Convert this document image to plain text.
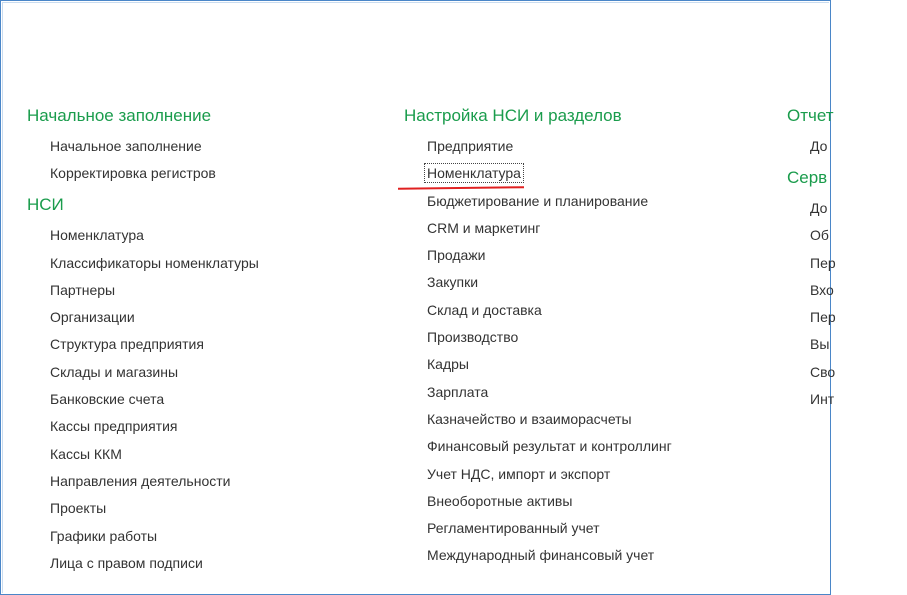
Начальное заполнение
Начальное заполнение
Корректировка регистров
НСИ
Номенклатура
Классификаторы номенклатуры
Партнеры
Организации
Структура предприятия
Склады и магазины
Банковские счета
Кассы предприятия
Кассы ККМ
Направления деятельности
Проекты
Графики работы
Лица с правом подписи
Настройка НСИ и разделов
Предприятие
Номенклатура
Бюджетирование и планирование
CRM и маркетинг
Продажи
Закупки
Склад и доставка
Производство
Кадры
Зарплата
Казначейство и взаиморасчеты
Финансовый результат и контроллинг
Учет НДС, импорт и экспорт
Внеоборотные активы
Регламентированный учет
Международный финансовый учет
Отчет
До
Серв
До
Об
Пер
Вхо
Пер
Вы
Сво
Инт
